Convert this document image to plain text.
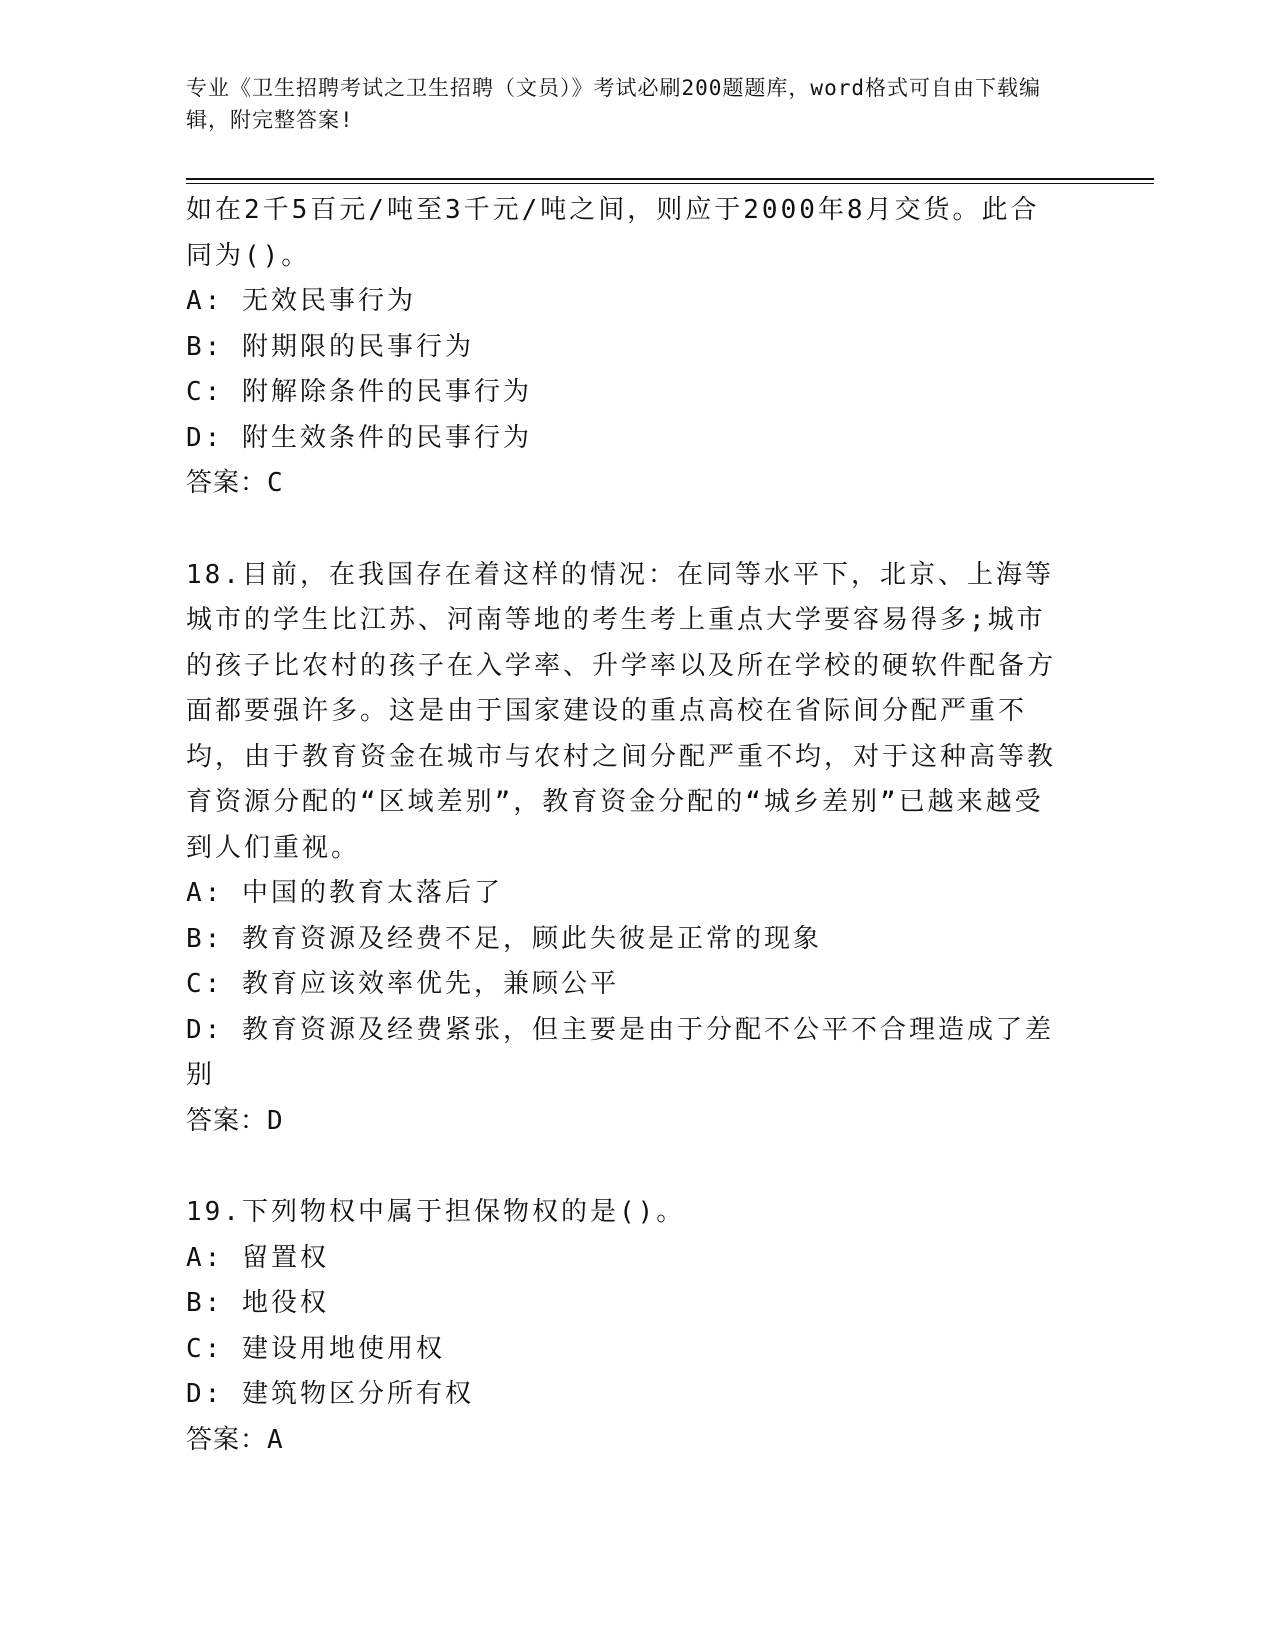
专业《卫生招聘考试之卫生招聘（文员）》考试必刷200题题库，word格式可自由下载编辑，附完整答案!

如在2千5百元/吨至3千元/吨之间，则应于2000年8月交货。此合同为()。

A: 无效民事行为

B: 附期限的民事行为

C: 附解除条件的民事行为

D: 附生效条件的民事行为

答案：C

18.目前，在我国存在着这样的情况：在同等水平下，北京、上海等城市的学生比江苏、河南等地的考生考上重点大学要容易得多;城市的孩子比农村的孩子在入学率、升学率以及所在学校的硬软件配备方面都要强许多。这是由于国家建设的重点高校在省际间分配严重不均，由于教育资金在城市与农村之间分配严重不均，对于这种高等教育资源分配的“区域差别”，教育资金分配的“城乡差别”已越来越受到人们重视。

A: 中国的教育太落后了

B: 教育资源及经费不足，顾此失彼是正常的现象

C: 教育应该效率优先，兼顾公平

D: 教育资源及经费紧张，但主要是由于分配不公平不合理造成了差别

答案：D

19.下列物权中属于担保物权的是()。

A: 留置权

B: 地役权

C: 建设用地使用权

D: 建筑物区分所有权

答案：A
